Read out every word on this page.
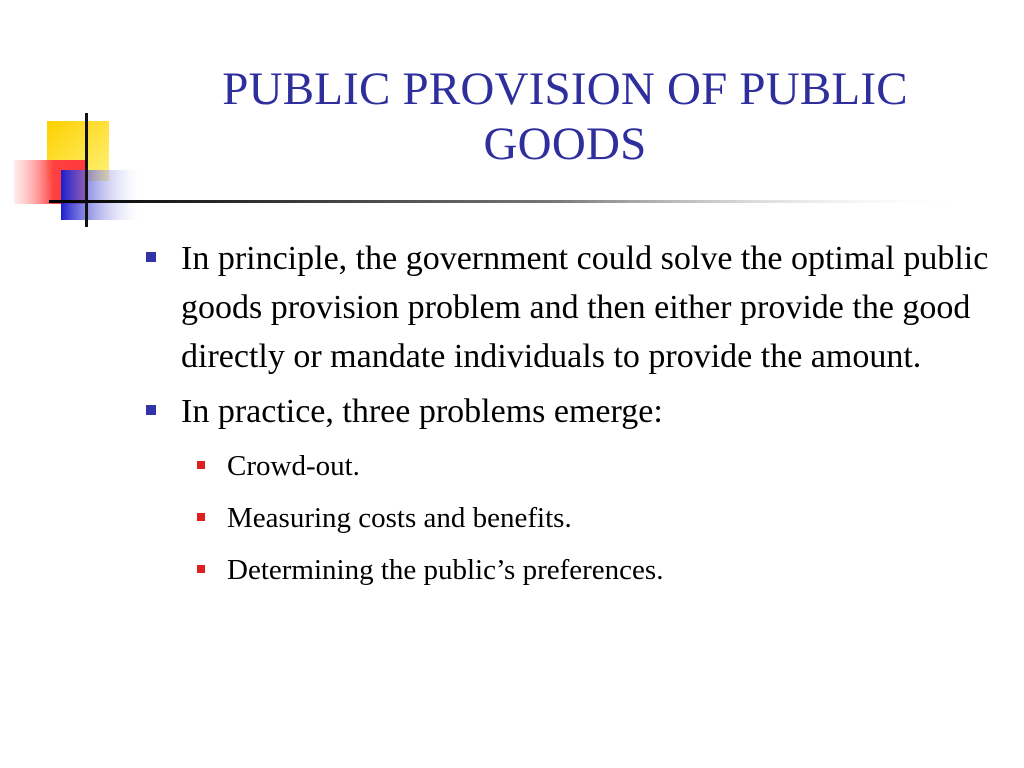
PUBLIC PROVISION OF PUBLIC GOODS
In principle, the government could solve the optimal public goods provision problem and then either provide the good directly or mandate individuals to provide the amount.
In practice, three problems emerge:
Crowd-out.
Measuring costs and benefits.
Determining the public’s preferences.
